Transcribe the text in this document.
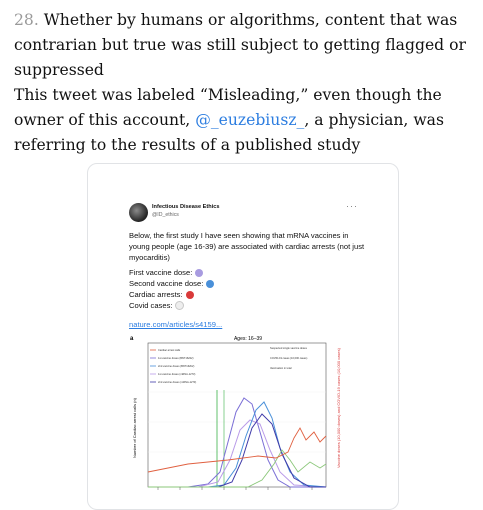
28. Whether by humans or algorithms, content that was contrarian but true was still subject to getting flagged or suppressed
This tweet was labeled “Misleading,” even though the owner of this account, @_euzebiusz_, a physician, was referring to the results of a published study
Infectious Disease Ethics
@ID_ethics
···
Below, the first study I have seen showing that mRNA vaccines in young people (age 16-39) are associated with cardiac arrests (not just myocarditis)
First vaccine dose:
Second vaccine dose:
Cardiac arrests:
Covid cases:
nature.com/articles/s4159...
a	Ages: 16–39
Number of Cardiac arrest calls (n)	Vaccine doses (10,000 doses) and COVID-19 cases (10,000 cases)
Cardiac arrest calls
1st vaccine doses (BNT162b2)
2nd vaccine doses (BNT162b2)
1st vaccine doses (mRNA-1273)
2nd vaccine doses (mRNA-1273)
Suspected single vaccine doses
COVID-19 cases (10,000 cases)
Vaccination in total
